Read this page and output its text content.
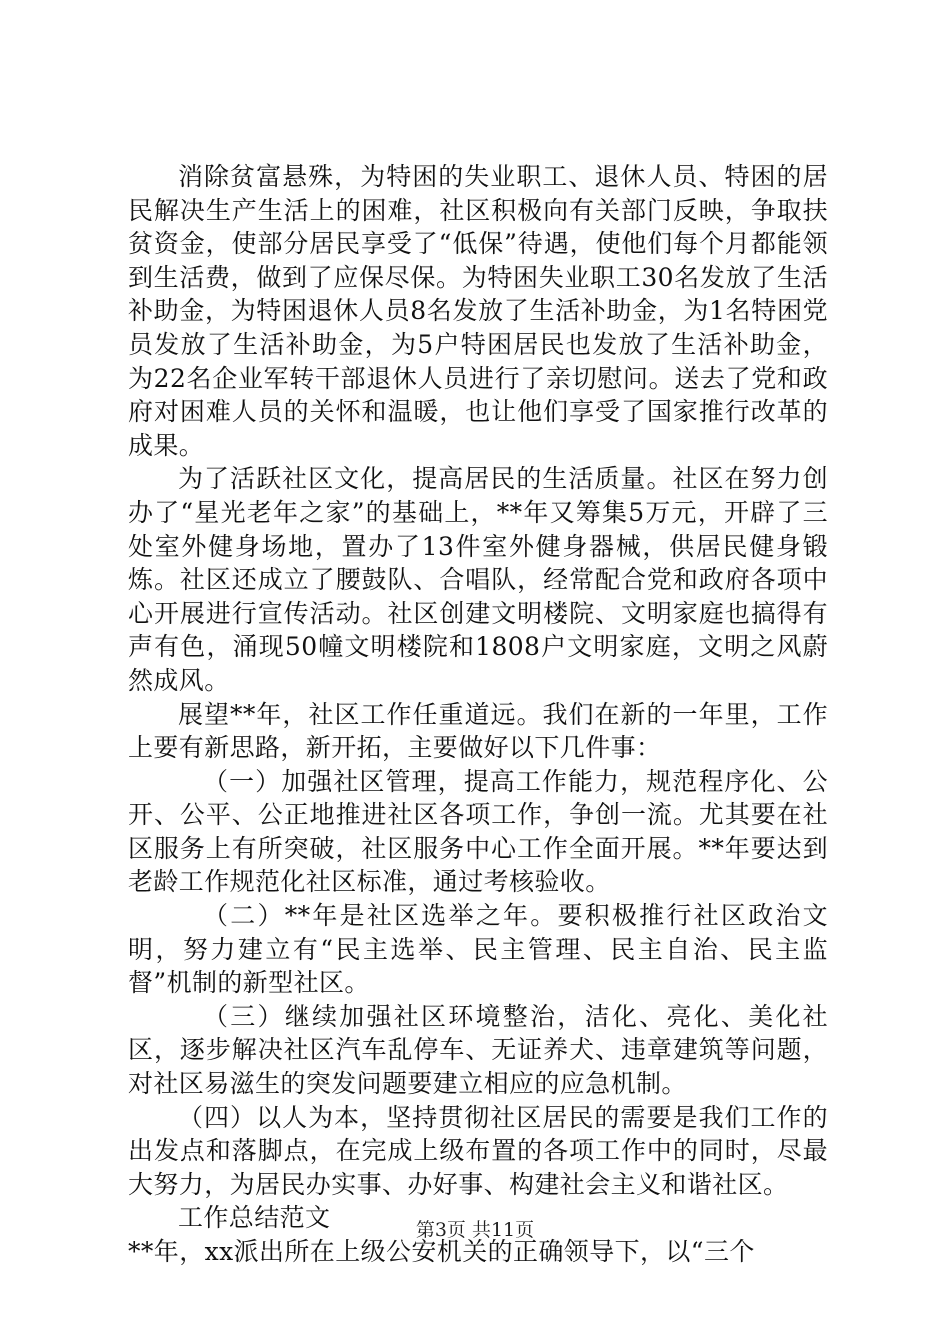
消除贫富悬殊，为特困的失业职工、退休人员、特困的居民解决生产生活上的困难，社区积极向有关部门反映，争取扶贫资金，使部分居民享受了“低保”待遇，使他们每个月都能领到生活费，做到了应保尽保。为特困失业职工30名发放了生活补助金，为特困退休人员8名发放了生活补助金，为1名特困党员发放了生活补助金，为5户特困居民也发放了生活补助金，为22名企业军转干部退休人员进行了亲切慰问。送去了党和政府对困难人员的关怀和温暖，也让他们享受了国家推行改革的成果。

为了活跃社区文化，提高居民的生活质量。社区在努力创办了“星光老年之家”的基础上，**年又筹集5万元，开辟了三处室外健身场地，置办了13件室外健身器械，供居民健身锻炼。社区还成立了腰鼓队、合唱队，经常配合党和政府各项中心开展进行宣传活动。社区创建文明楼院、文明家庭也搞得有声有色，涌现50幢文明楼院和1808户文明家庭，文明之风蔚然成风。

展望**年，社区工作任重道远。我们在新的一年里，工作上要有新思路，新开拓，主要做好以下几件事：

（一）加强社区管理，提高工作能力，规范程序化、公开、公平、公正地推进社区各项工作，争创一流。尤其要在社区服务上有所突破，社区服务中心工作全面开展。**年要达到老龄工作规范化社区标准，通过考核验收。

（二）**年是社区选举之年。要积极推行社区政治文明，努力建立有“民主选举、民主管理、民主自治、民主监督”机制的新型社区。

（三）继续加强社区环境整治，洁化、亮化、美化社区，逐步解决社区汽车乱停车、无证养犬、违章建筑等问题，对社区易滋生的突发问题要建立相应的应急机制。

（四）以人为本，坚持贯彻社区居民的需要是我们工作的出发点和落脚点，在完成上级布置的各项工作中的同时，尽最大努力，为居民办实事、办好事、构建社会主义和谐社区。

工作总结范文

**年，xx派出所在上级公安机关的正确领导下，以“三个

第3页 共11页
